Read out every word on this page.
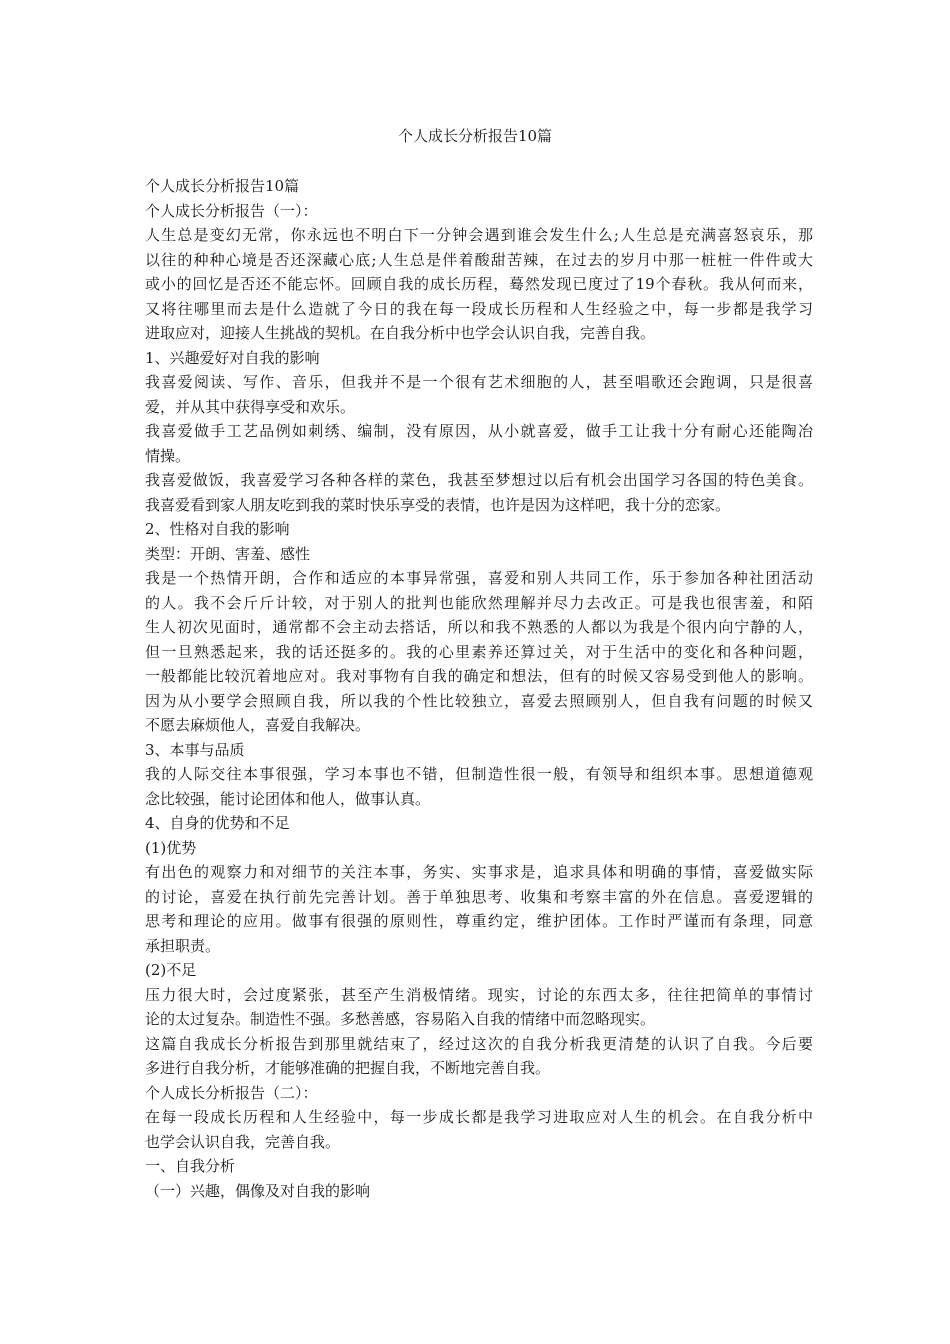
个人成长分析报告10篇
个人成长分析报告10篇
个人成长分析报告（一）：
人生总是变幻无常，你永远也不明白下一分钟会遇到谁会发生什么;人生总是充满喜怒哀乐，那
以往的种种心境是否还深藏心底;人生总是伴着酸甜苦辣，在过去的岁月中那一桩桩一件件或大
或小的回忆是否还不能忘怀。回顾自我的成长历程，蓦然发现已度过了19个春秋。我从何而来，
又将往哪里而去是什么造就了今日的我在每一段成长历程和人生经验之中，每一步都是我学习
进取应对，迎接人生挑战的契机。在自我分析中也学会认识自我，完善自我。
1、兴趣爱好对自我的影响
我喜爱阅读、写作、音乐，但我并不是一个很有艺术细胞的人，甚至唱歌还会跑调，只是很喜
爱，并从其中获得享受和欢乐。
我喜爱做手工艺品例如刺绣、编制，没有原因，从小就喜爱，做手工让我十分有耐心还能陶冶
情操。
我喜爱做饭，我喜爱学习各种各样的菜色，我甚至梦想过以后有机会出国学习各国的特色美食。
我喜爱看到家人朋友吃到我的菜时快乐享受的表情，也许是因为这样吧，我十分的恋家。
2、性格对自我的影响
类型：开朗、害羞、感性
我是一个热情开朗，合作和适应的本事异常强，喜爱和别人共同工作，乐于参加各种社团活动
的人。我不会斤斤计较，对于别人的批判也能欣然理解并尽力去改正。可是我也很害羞，和陌
生人初次见面时，通常都不会主动去搭话，所以和我不熟悉的人都以为我是个很内向宁静的人，
但一旦熟悉起来，我的话还挺多的。我的心里素养还算过关，对于生活中的变化和各种问题，
一般都能比较沉着地应对。我对事物有自我的确定和想法，但有的时候又容易受到他人的影响。
因为从小要学会照顾自我，所以我的个性比较独立，喜爱去照顾别人，但自我有问题的时候又
不愿去麻烦他人，喜爱自我解决。
3、本事与品质
我的人际交往本事很强，学习本事也不错，但制造性很一般，有领导和组织本事。思想道德观
念比较强，能讨论团体和他人，做事认真。
4、自身的优势和不足
(1)优势
有出色的观察力和对细节的关注本事，务实、实事求是，追求具体和明确的事情，喜爱做实际
的讨论，喜爱在执行前先完善计划。善于单独思考、收集和考察丰富的外在信息。喜爱逻辑的
思考和理论的应用。做事有很强的原则性，尊重约定，维护团体。工作时严谨而有条理，同意
承担职责。
(2)不足
压力很大时，会过度紧张，甚至产生消极情绪。现实，讨论的东西太多，往往把简单的事情讨
论的太过复杂。制造性不强。多愁善感，容易陷入自我的情绪中而忽略现实。
这篇自我成长分析报告到那里就结束了，经过这次的自我分析我更清楚的认识了自我。今后要
多进行自我分析，才能够准确的把握自我，不断地完善自我。
个人成长分析报告（二）：
在每一段成长历程和人生经验中，每一步成长都是我学习进取应对人生的机会。在自我分析中
也学会认识自我，完善自我。
一、自我分析
（一）兴趣，偶像及对自我的影响
